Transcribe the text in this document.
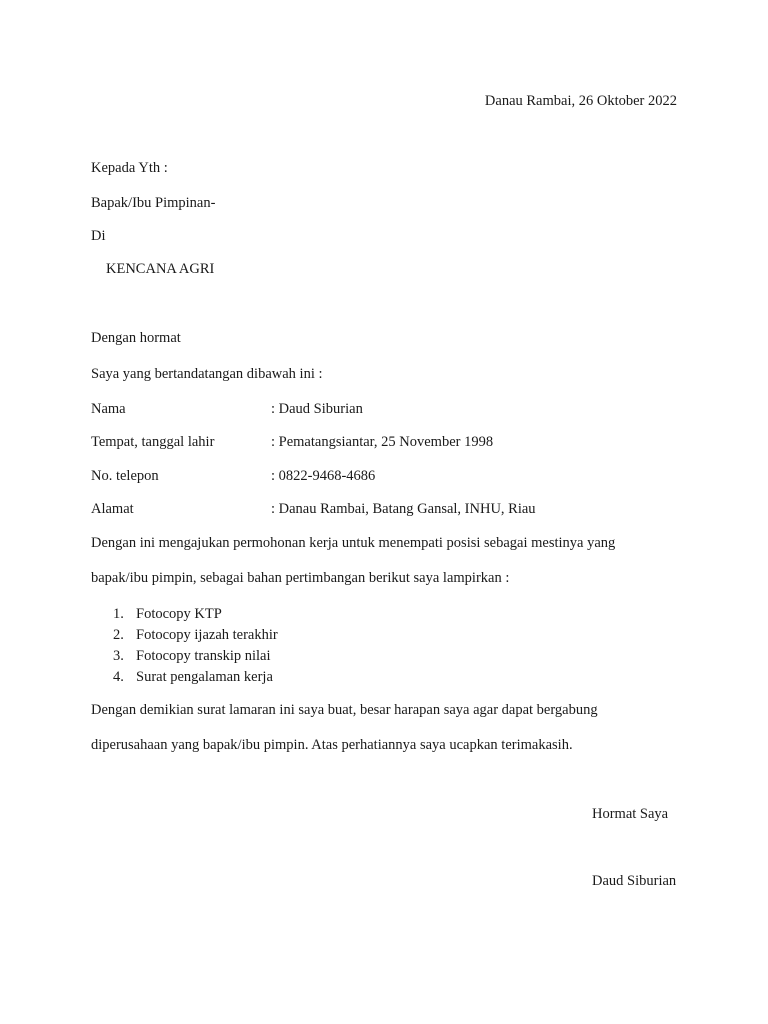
Danau Rambai, 26 Oktober 2022
Kepada Yth :
Bapak/Ibu Pimpinan-
Di
KENCANA AGRI
Dengan hormat
Saya yang bertandatangan dibawah ini :
Nama	: Daud Siburian
Tempat, tanggal lahir	: Pematangsiantar, 25 November 1998
No. telepon	: 0822-9468-4686
Alamat	: Danau Rambai, Batang Gansal, INHU, Riau
Dengan ini mengajukan permohonan kerja untuk menempati posisi sebagai mestinya yang
bapak/ibu pimpin, sebagai bahan pertimbangan berikut saya lampirkan :
1. Fotocopy KTP
2. Fotocopy ijazah terakhir
3. Fotocopy transkip nilai
4. Surat pengalaman kerja
Dengan demikian surat lamaran ini saya buat, besar harapan saya agar dapat bergabung
diperusahaan yang bapak/ibu pimpin. Atas perhatiannya saya ucapkan terimakasih.
Hormat Saya
Daud Siburian
